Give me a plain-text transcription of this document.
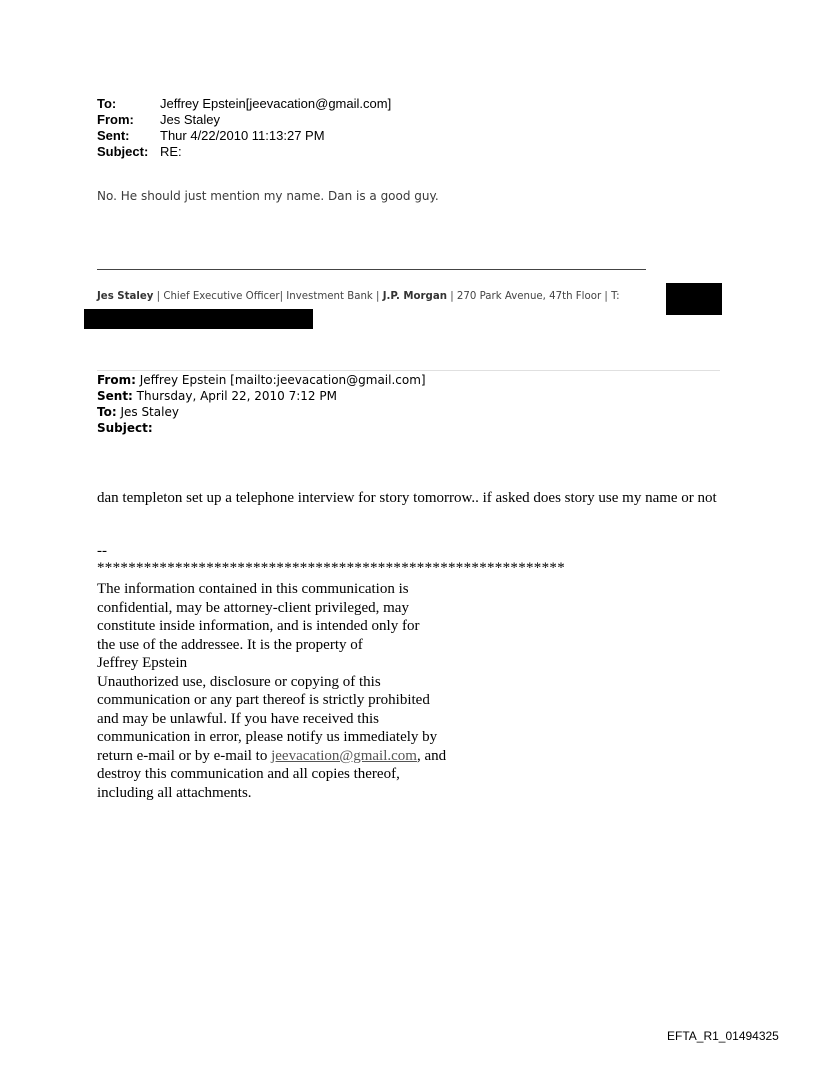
To:	Jeffrey Epstein[jeevacation@gmail.com]
From:	Jes Staley
Sent:	Thur 4/22/2010 11:13:27 PM
Subject: RE:
No. He should just mention my name. Dan is a good guy.
Jes Staley | Chief Executive Officer| Investment Bank | J.P. Morgan | 270 Park Avenue, 47th Floor | T:
From: Jeffrey Epstein [mailto:jeevacation@gmail.com]
Sent: Thursday, April 22, 2010 7:12 PM
To: Jes Staley
Subject:
dan templeton set up a telephone interview for story tomorrow.. if asked does story use my name or not
--
************************************************************
The information contained in this communication is
confidential, may be attorney-client privileged, may
constitute inside information, and is intended only for
the use of the addressee. It is the property of
Jeffrey Epstein
Unauthorized use, disclosure or copying of this
communication or any part thereof is strictly prohibited
and may be unlawful. If you have received this
communication in error, please notify us immediately by
return e-mail or by e-mail to jeevacation@gmail.com, and
destroy this communication and all copies thereof,
including all attachments.
EFTA_R1_01494325
